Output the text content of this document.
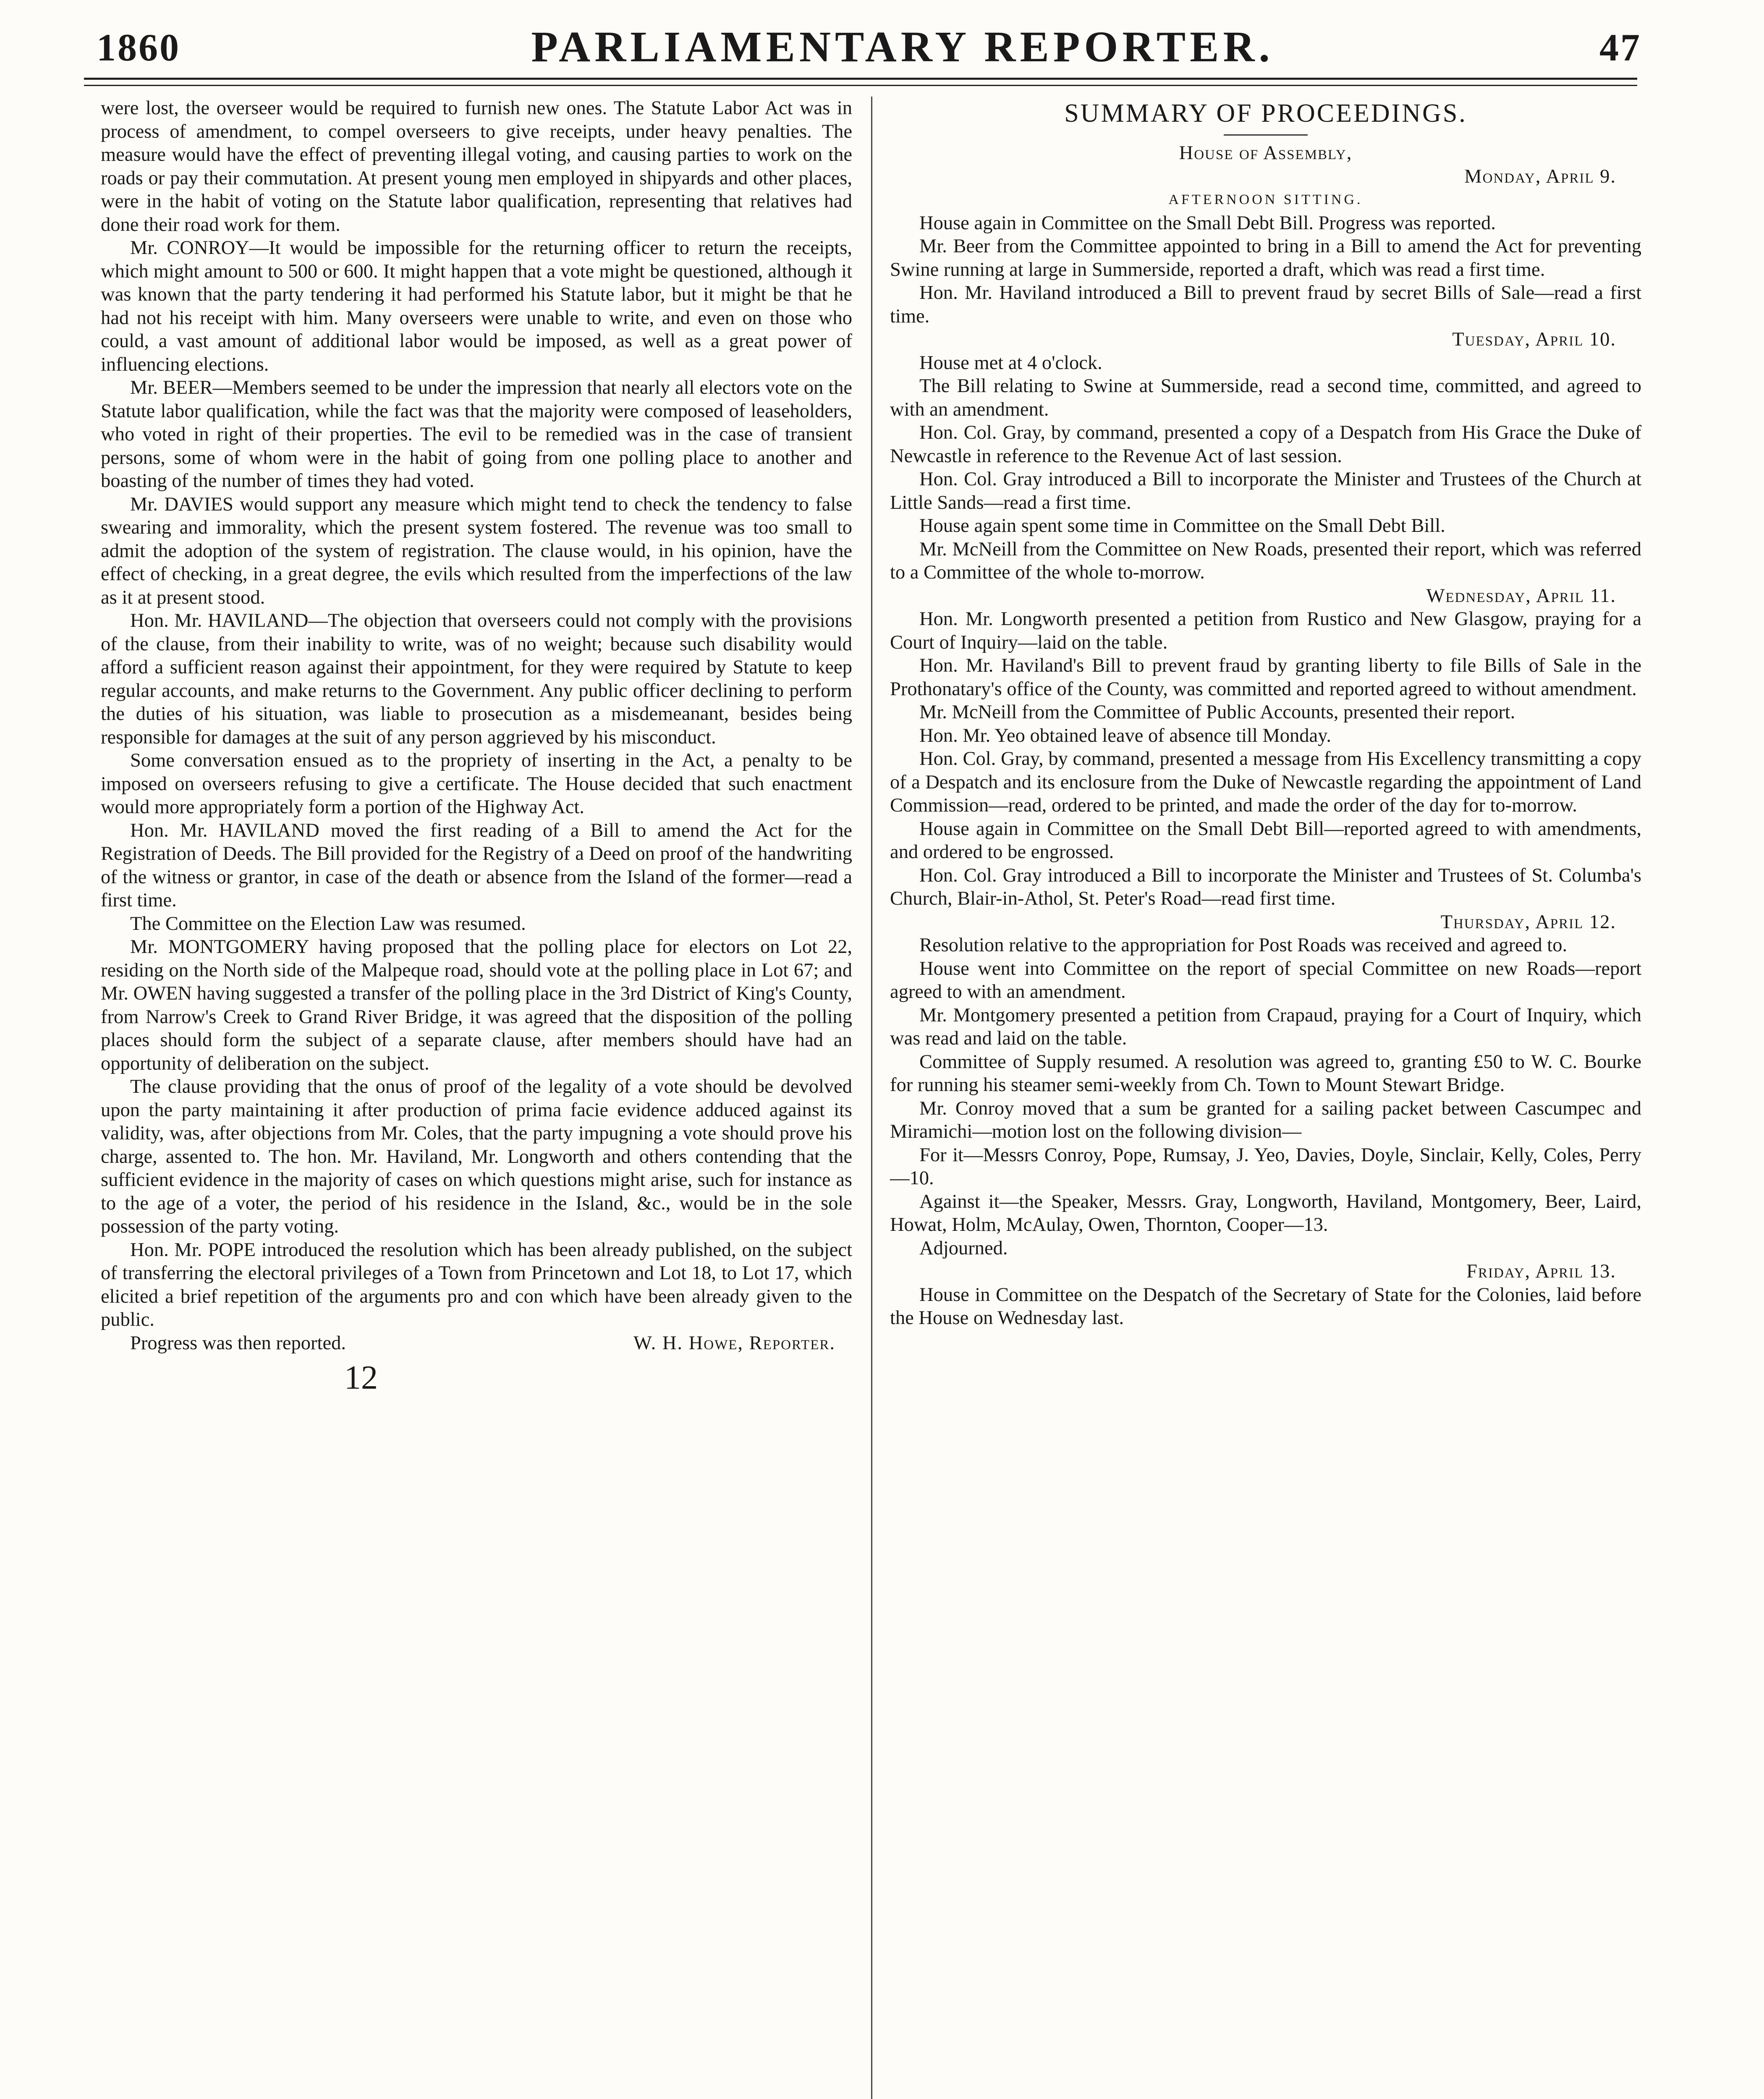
1860	PARLIAMENTARY REPORTER.	47

were lost, the overseer would be required to furnish new ones. The Statute Labor Act was in process of amendment, to compel overseers to give receipts, under heavy penalties. The measure would have the effect of preventing illegal voting, and causing parties to work on the roads or pay their commutation. At present young men employed in shipyards and other places, were in the habit of voting on the Statute labor qualification, representing that relatives had done their road work for them.

Mr. CONROY—It would be impossible for the returning officer to return the receipts, which might amount to 500 or 600. It might happen that a vote might be questioned, although it was known that the party tendering it had performed his Statute labor, but it might be that he had not his receipt with him. Many overseers were unable to write, and even on those who could, a vast amount of additional labor would be imposed, as well as a great power of influencing elections.

Mr. BEER—Members seemed to be under the impression that nearly all electors vote on the Statute labor qualification, while the fact was that the majority were composed of leaseholders, who voted in right of their properties. The evil to be remedied was in the case of transient persons, some of whom were in the habit of going from one polling place to another and boasting of the number of times they had voted.

Mr. DAVIES would support any measure which might tend to check the tendency to false swearing and immorality, which the present system fostered. The revenue was too small to admit the adoption of the system of registration. The clause would, in his opinion, have the effect of checking, in a great degree, the evils which resulted from the imperfections of the law as it at present stood.

Hon. Mr. HAVILAND—The objection that overseers could not comply with the provisions of the clause, from their inability to write, was of no weight; because such disability would afford a sufficient reason against their appointment, for they were required by Statute to keep regular accounts, and make returns to the Government. Any public officer declining to perform the duties of his situation, was liable to prosecution as a misdemeanant, besides being responsible for damages at the suit of any person aggrieved by his misconduct.

Some conversation ensued as to the propriety of inserting in the Act, a penalty to be imposed on overseers refusing to give a certificate. The House decided that such enactment would more appropriately form a portion of the Highway Act.

Hon. Mr. HAVILAND moved the first reading of a Bill to amend the Act for the Registration of Deeds. The Bill provided for the Registry of a Deed on proof of the handwriting of the witness or grantor, in case of the death or absence from the Island of the former—read a first time.

The Committee on the Election Law was resumed.

Mr. MONTGOMERY having proposed that the polling place for electors on Lot 22, residing on the North side of the Malpeque road, should vote at the polling place in Lot 67; and Mr. OWEN having suggested a transfer of the polling place in the 3rd District of King's County, from Narrow's Creek to Grand River Bridge, it was agreed that the disposition of the polling places should form the subject of a separate clause, after members should have had an opportunity of deliberation on the subject.

The clause providing that the onus of proof of the legality of a vote should be devolved upon the party maintaining it after production of prima facie evidence adduced against its validity, was, after objections from Mr. Coles, that the party impugning a vote should prove his charge, assented to. The hon. Mr. Haviland, Mr. Longworth and others contending that the sufficient evidence in the majority of cases on which questions might arise, such for instance as to the age of a voter, the period of his residence in the Island, &c., would be in the sole possession of the party voting.

Hon. Mr. POPE introduced the resolution which has been already published, on the subject of transferring the electoral privileges of a Town from Princetown and Lot 18, to Lot 17, which elicited a brief repetition of the arguments pro and con which have been already given to the public.

Progress was then reported.	W. H. Howe, Reporter.
12
SUMMARY OF PROCEEDINGS.
House of Assembly,
Monday, April 9.
AFTERNOON SITTING.

House again in Committee on the Small Debt Bill. Progress was reported.

Mr. Beer from the Committee appointed to bring in a Bill to amend the Act for preventing Swine running at large in Summerside, reported a draft, which was read a first time.

Hon. Mr. Haviland introduced a Bill to prevent fraud by secret Bills of Sale—read a first time.

Tuesday, April 10.

House met at 4 o'clock.

The Bill relating to Swine at Summerside, read a second time, committed, and agreed to with an amendment.

Hon. Col. Gray, by command, presented a copy of a Despatch from His Grace the Duke of Newcastle in reference to the Revenue Act of last session.

Hon. Col. Gray introduced a Bill to incorporate the Minister and Trustees of the Church at Little Sands—read a first time.

House again spent some time in Committee on the Small Debt Bill.

Mr. McNeill from the Committee on New Roads, presented their report, which was referred to a Committee of the whole to-morrow.

Wednesday, April 11.

Hon. Mr. Longworth presented a petition from Rustico and New Glasgow, praying for a Court of Inquiry—laid on the table.

Hon. Mr. Haviland's Bill to prevent fraud by granting liberty to file Bills of Sale in the Prothonatary's office of the County, was committed and reported agreed to without amendment.

Mr. McNeill from the Committee of Public Accounts, presented their report.

Hon. Mr. Yeo obtained leave of absence till Monday.

Hon. Col. Gray, by command, presented a message from His Excellency transmitting a copy of a Despatch and its enclosure from the Duke of Newcastle regarding the appointment of Land Commission—read, ordered to be printed, and made the order of the day for to-morrow.

House again in Committee on the Small Debt Bill—reported agreed to with amendments, and ordered to be engrossed.

Hon. Col. Gray introduced a Bill to incorporate the Minister and Trustees of St. Columba's Church, Blair-in-Athol, St. Peter's Road—read first time.

Thursday, April 12.

Resolution relative to the appropriation for Post Roads was received and agreed to.

House went into Committee on the report of special Committee on new Roads—report agreed to with an amendment.

Mr. Montgomery presented a petition from Crapaud, praying for a Court of Inquiry, which was read and laid on the table.

Committee of Supply resumed. A resolution was agreed to, granting £50 to W. C. Bourke for running his steamer semi-weekly from Ch. Town to Mount Stewart Bridge.

Mr. Conroy moved that a sum be granted for a sailing packet between Cascumpec and Miramichi—motion lost on the following division—

For it—Messrs Conroy, Pope, Rumsay, J. Yeo, Davies, Doyle, Sinclair, Kelly, Coles, Perry—10.

Against it—the Speaker, Messrs. Gray, Longworth, Haviland, Montgomery, Beer, Laird, Howat, Holm, McAulay, Owen, Thornton, Cooper—13.

Adjourned.

Friday, April 13.

House in Committee on the Despatch of the Secretary of State for the Colonies, laid before the House on Wednesday last.
